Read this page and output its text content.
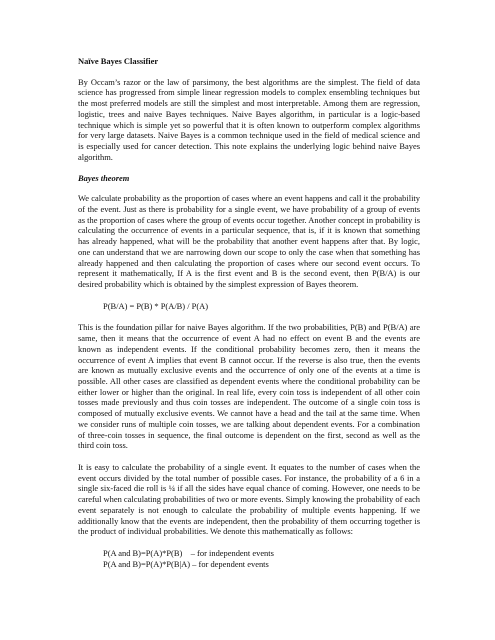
Naïve Bayes Classifier

By Occam’s razor or the law of parsimony, the best algorithms are the simplest. The field of data science has progressed from simple linear regression models to complex ensembling techniques but the most preferred models are still the simplest and most interpretable. Among them are regression, logistic, trees and naive Bayes techniques. Naive Bayes algorithm, in particular is a logic-based technique which is simple yet so powerful that it is often known to outperform complex algorithms for very large datasets. Naive Bayes is a common technique used in the field of medical science and is especially used for cancer detection. This note explains the underlying logic behind naive Bayes algorithm.

Bayes theorem

We calculate probability as the proportion of cases where an event happens and call it the probability of the event. Just as there is probability for a single event, we have probability of a group of events as the proportion of cases where the group of events occur together. Another concept in probability is calculating the occurrence of events in a particular sequence, that is, if it is known that something has already happened, what will be the probability that another event happens after that. By logic, one can understand that we are narrowing down our scope to only the case when that something has already happened and then calculating the proportion of cases where our second event occurs. To represent it mathematically, If A is the first event and B is the second event, then P(B/A) is our desired probability which is obtained by the simplest expression of Bayes theorem.

P(B/A) = P(B) * P(A/B) / P(A)

This is the foundation pillar for naive Bayes algorithm. If the two probabilities, P(B) and P(B/A) are same, then it means that the occurrence of event A had no effect on event B and the events are known as independent events. If the conditional probability becomes zero, then it means the occurrence of event A implies that event B cannot occur. If the reverse is also true, then the events are known as mutually exclusive events and the occurrence of only one of the events at a time is possible. All other cases are classified as dependent events where the conditional probability can be either lower or higher than the original. In real life, every coin toss is independent of all other coin tosses made previously and thus coin tosses are independent. The outcome of a single coin toss is composed of mutually exclusive events. We cannot have a head and the tail at the same time. When we consider runs of multiple coin tosses, we are talking about dependent events. For a combination of three-coin tosses in sequence, the final outcome is dependent on the first, second as well as the third coin toss.

It is easy to calculate the probability of a single event. It equates to the number of cases when the event occurs divided by the total number of possible cases. For instance, the probability of a 6 in a single six-faced die roll is ¼ if all the sides have equal chance of coming. However, one needs to be careful when calculating probabilities of two or more events. Simply knowing the probability of each event separately is not enough to calculate the probability of multiple events happening. If we additionally know that the events are independent, then the probability of them occurring together is the product of individual probabilities. We denote this mathematically as follows:

P(A and B)=P(A)*P(B)    – for independent events
P(A and B)=P(A)*P(B|A) – for dependent events
